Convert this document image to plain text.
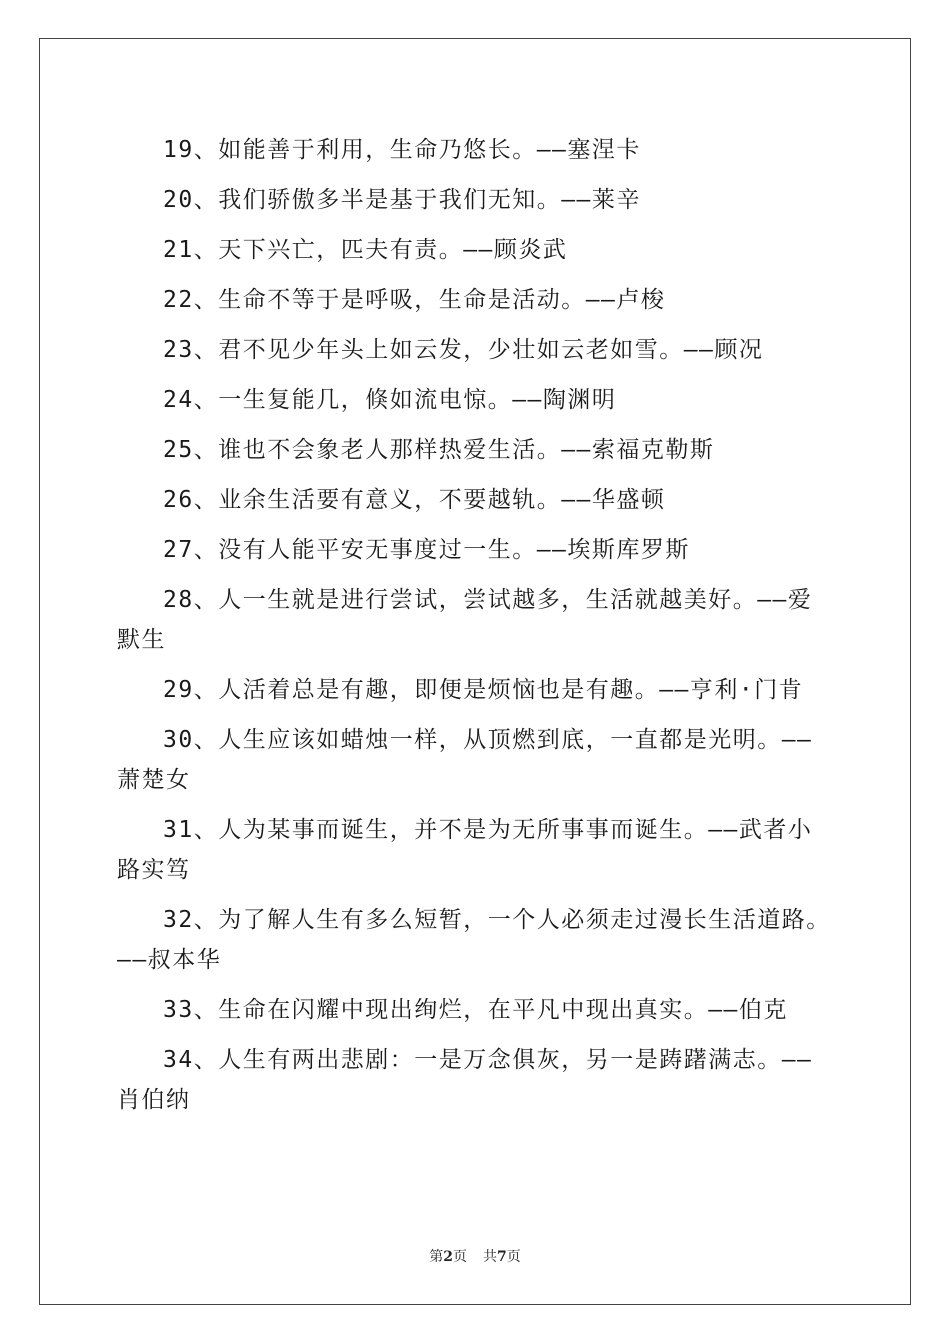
19、如能善于利用，生命乃悠长。——塞涅卡

20、我们骄傲多半是基于我们无知。——莱辛

21、天下兴亡，匹夫有责。——顾炎武

22、生命不等于是呼吸，生命是活动。——卢梭

23、君不见少年头上如云发，少壮如云老如雪。——顾况

24、一生复能几，倏如流电惊。——陶渊明

25、谁也不会象老人那样热爱生活。——索福克勒斯

26、业余生活要有意义，不要越轨。——华盛顿

27、没有人能平安无事度过一生。——埃斯库罗斯

28、人一生就是进行尝试，尝试越多，生活就越美好。——爱默生

29、人活着总是有趣，即便是烦恼也是有趣。——亨利·门肯

30、人生应该如蜡烛一样，从顶燃到底，一直都是光明。——萧楚女

31、人为某事而诞生，并不是为无所事事而诞生。——武者小路实笃

32、为了解人生有多么短暂，一个人必须走过漫长生活道路。——叔本华

33、生命在闪耀中现出绚烂，在平凡中现出真实。——伯克

34、人生有两出悲剧：一是万念俱灰，另一是踌躇满志。——肖伯纳

第2页 共7页
